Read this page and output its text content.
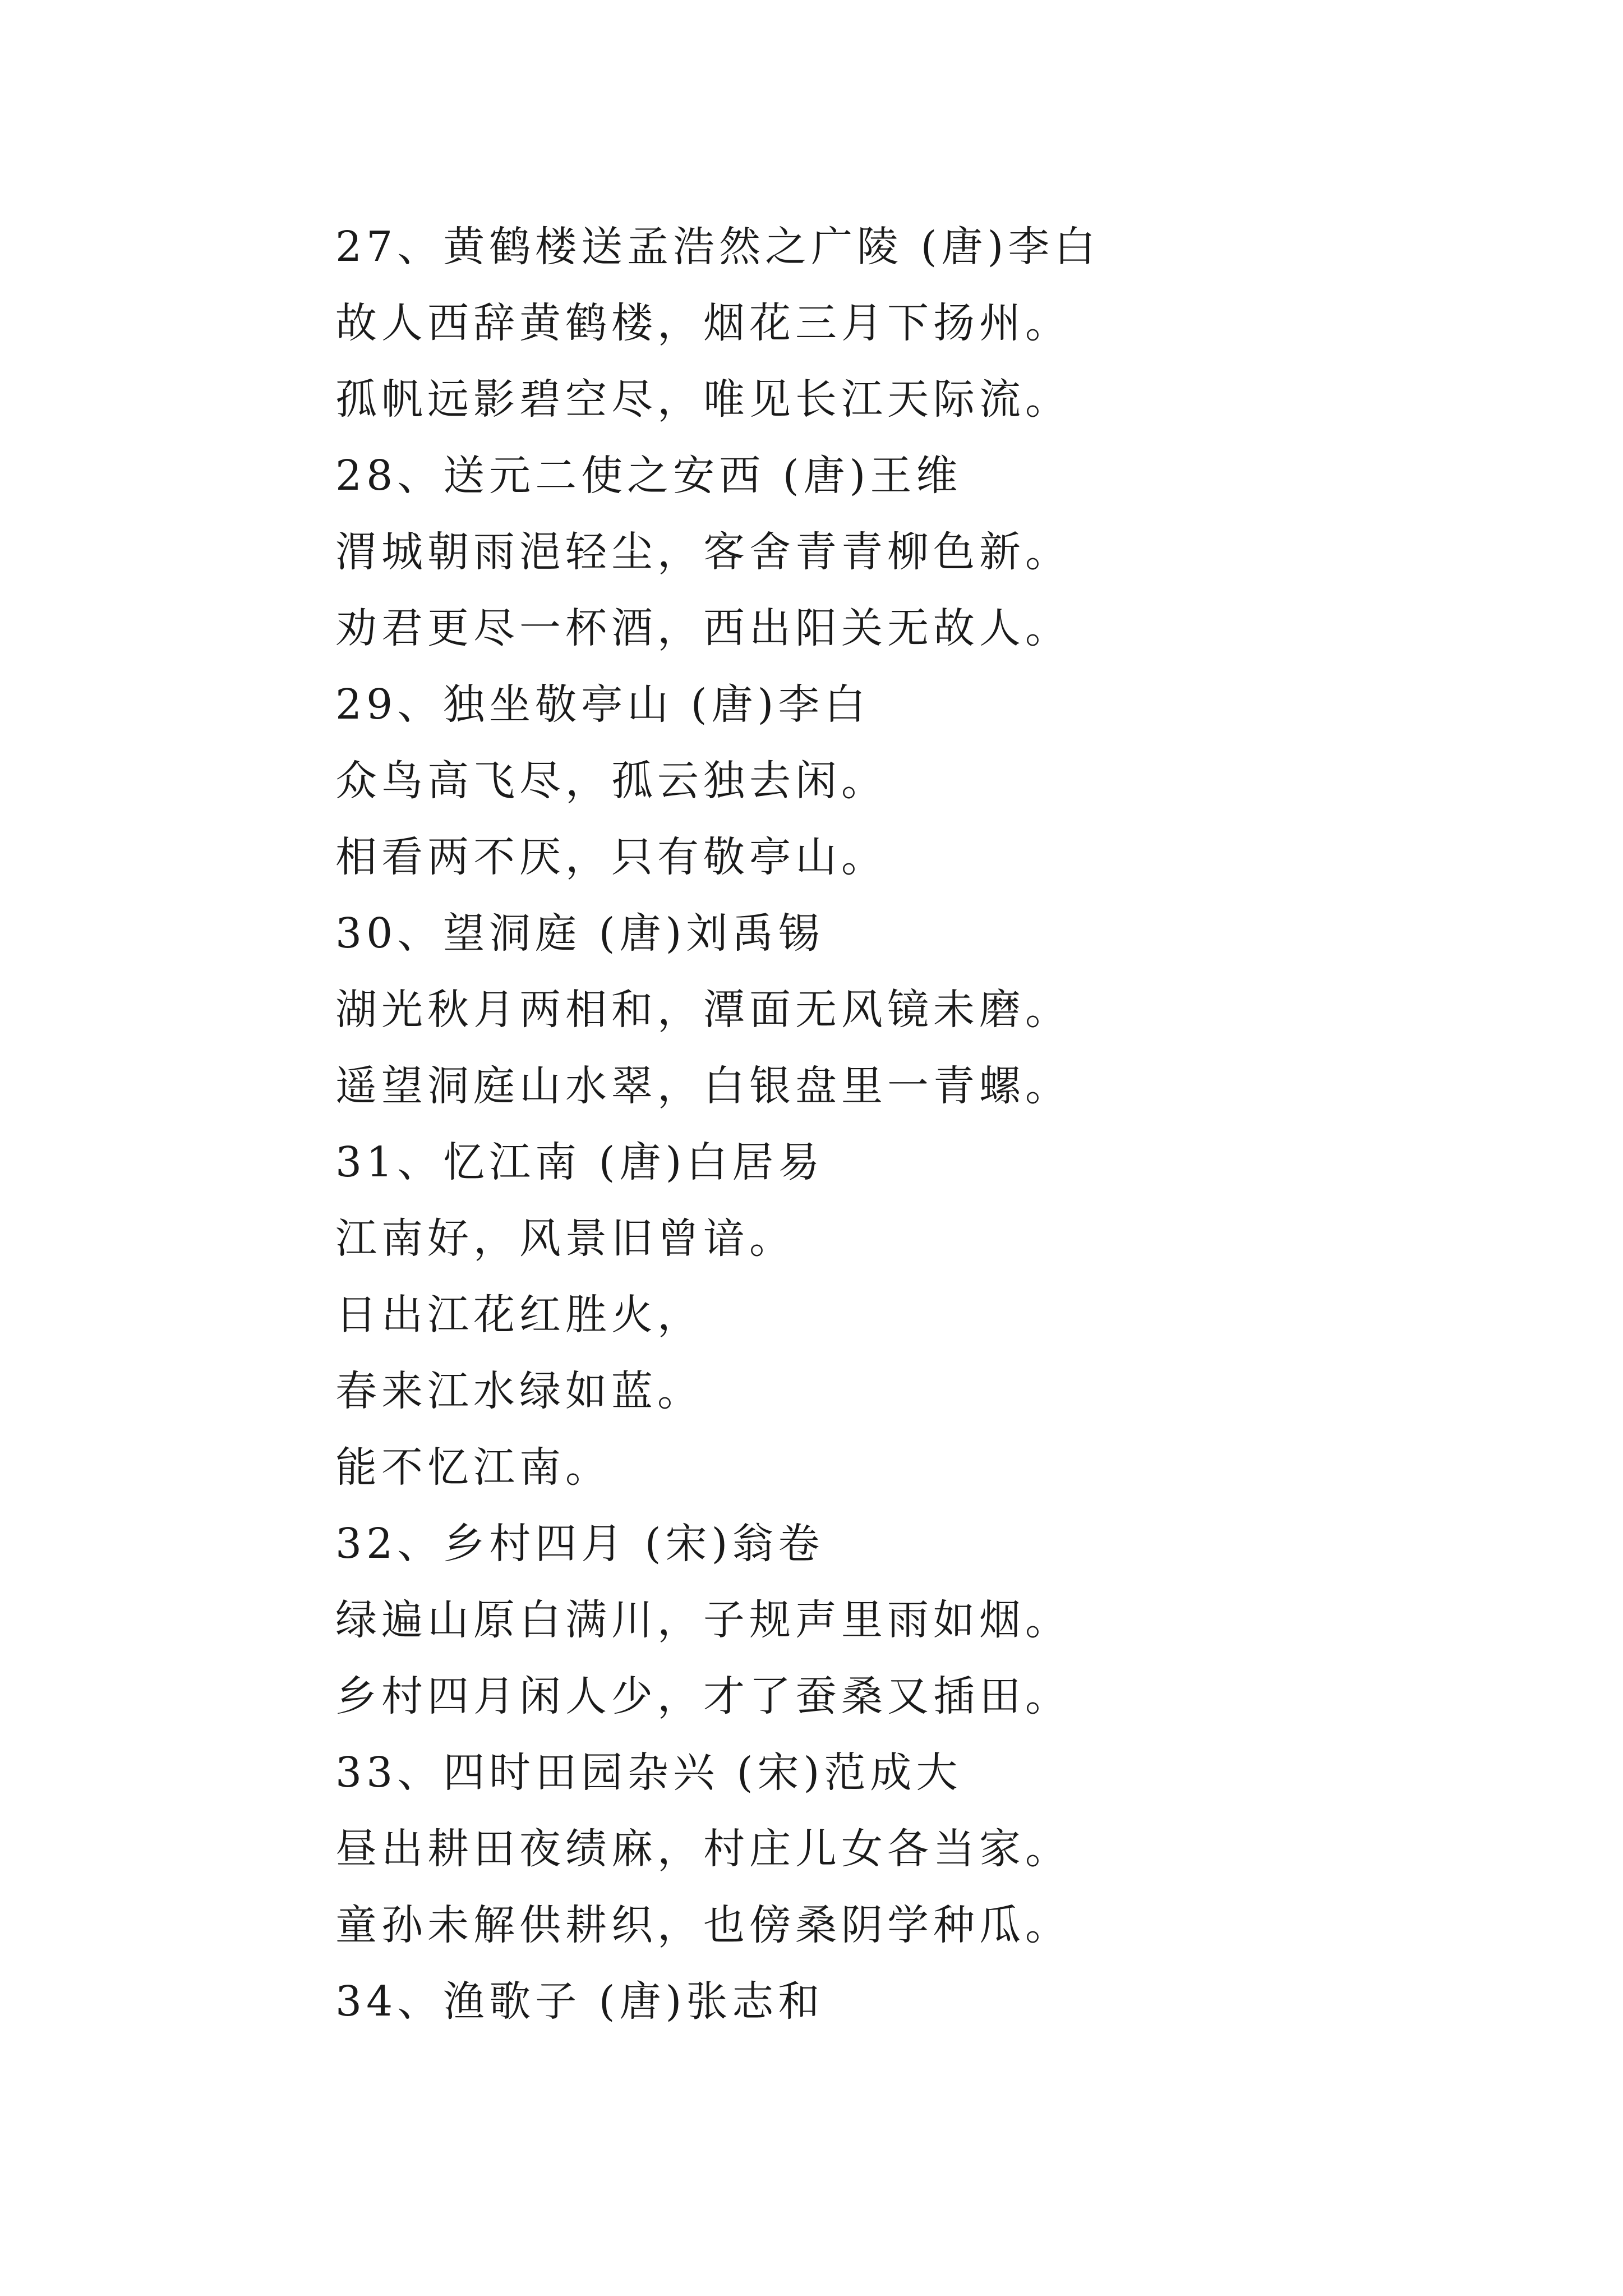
27、黄鹤楼送孟浩然之广陵 (唐)李白
故人西辞黄鹤楼，烟花三月下扬州。
孤帆远影碧空尽，唯见长江天际流。
28、送元二使之安西 (唐)王维
渭城朝雨浥轻尘，客舍青青柳色新。
劝君更尽一杯酒，西出阳关无故人。
29、独坐敬亭山 (唐)李白
众鸟高飞尽，孤云独去闲。
相看两不厌，只有敬亭山。
30、望洞庭 (唐)刘禹锡
湖光秋月两相和，潭面无风镜未磨。
遥望洞庭山水翠，白银盘里一青螺。
31、忆江南 (唐)白居易
江南好，风景旧曾谙。
日出江花红胜火，
春来江水绿如蓝。
能不忆江南。
32、乡村四月 (宋)翁卷
绿遍山原白满川，子规声里雨如烟。
乡村四月闲人少，才了蚕桑又插田。
33、四时田园杂兴 (宋)范成大
昼出耕田夜绩麻，村庄儿女各当家。
童孙未解供耕织，也傍桑阴学种瓜。
34、渔歌子 (唐)张志和
